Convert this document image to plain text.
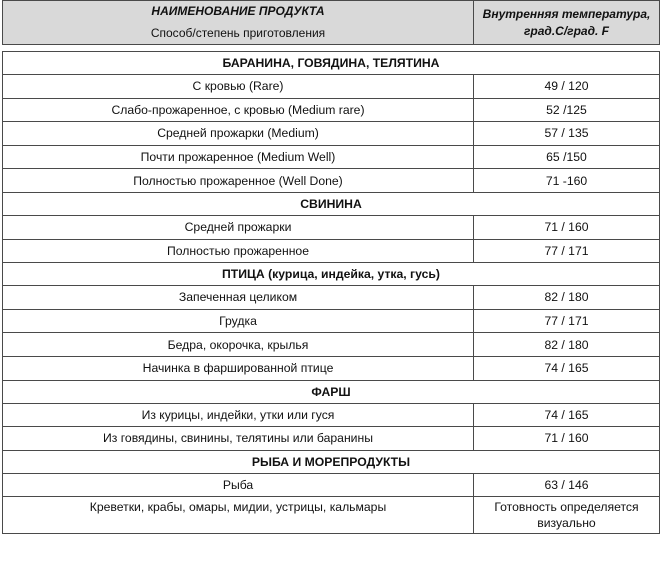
НАИМЕНОВАНИЕ ПРОДУКТА
Способ/степень приготовления	Внутренняя температура,
град.С/град. F

БАРАНИНА, ГОВЯДИНА, ТЕЛЯТИНА	
С кровью (Rare)	49 / 120
Слабо-прожаренное, с кровью (Medium rare)	52 /125
Средней прожарки (Medium)	57 / 135
Почти прожаренное (Medium Well)	65 /150
Полностью прожаренное (Well Done)	71 -160
СВИНИНА	
Средней прожарки	71 / 160
Полностью прожаренное	77 / 171
ПТИЦА (курица, индейка, утка, гусь)	
Запеченная целиком	82 / 180
Грудка	77 / 171
Бедра, окорочка, крылья	82 / 180
Начинка в фаршированной птице	74 / 165
ФАРШ	
Из курицы, индейки, утки или гуся	74 / 165
Из говядины, свинины, телятины или баранины	71 / 160
РЫБА И МОРЕПРОДУКТЫ	
Рыба	63 / 146
Креветки, крабы, омары, мидии, устрицы, кальмары	Готовность определяется визуально
